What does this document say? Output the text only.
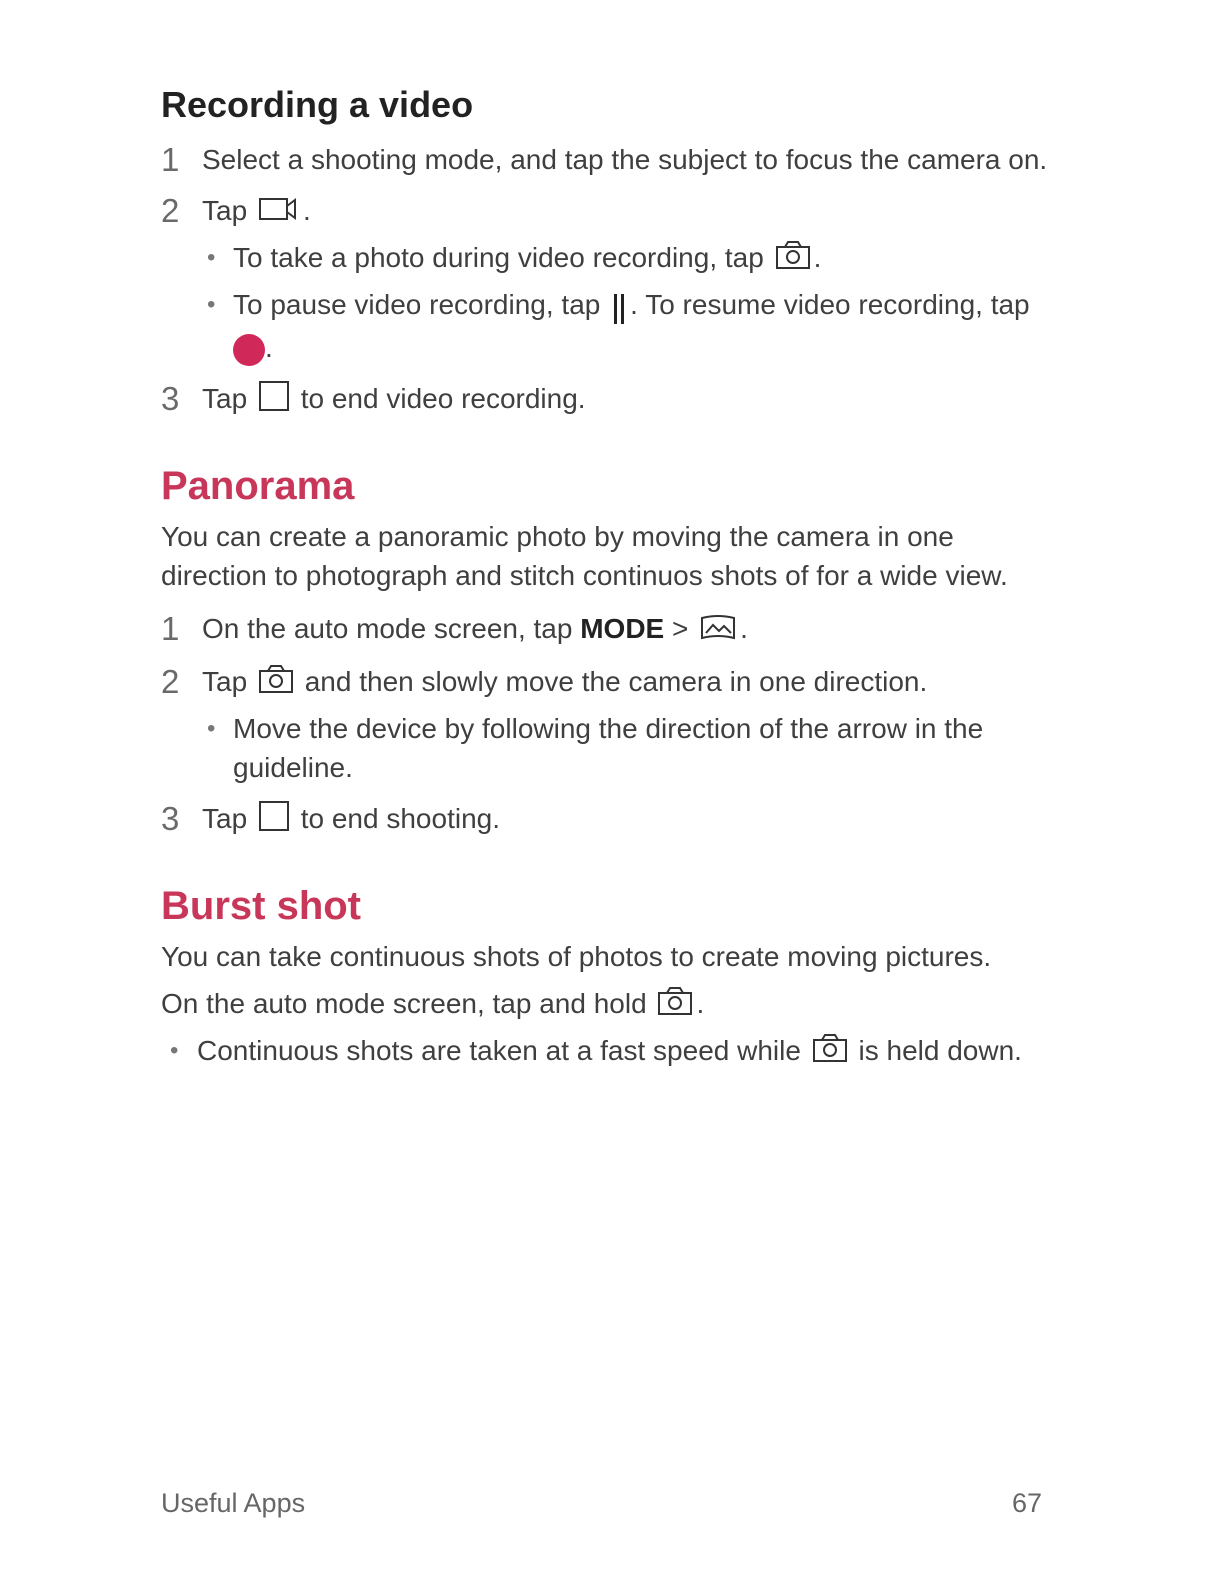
Recording a video
1 Select a shooting mode, and tap the subject to focus the camera on.
2 Tap .
• To take a photo during video recording, tap .
• To pause video recording, tap . To resume video recording, tap
.
3 Tap to end video recording.
Panorama

You can create a panoramic photo by moving the camera in one direction to photograph and stitch continuos shots of for a wide view.

1 On the auto mode screen, tap MODE > .
2 Tap and then slowly move the camera in one direction.
• Move the device by following the direction of the arrow in the guideline.
3 Tap to end shooting.
Burst shot

You can take continuous shots of photos to create moving pictures.

On the auto mode screen, tap and hold .

• Continuous shots are taken at a fast speed while is held down.
Useful Apps	67
